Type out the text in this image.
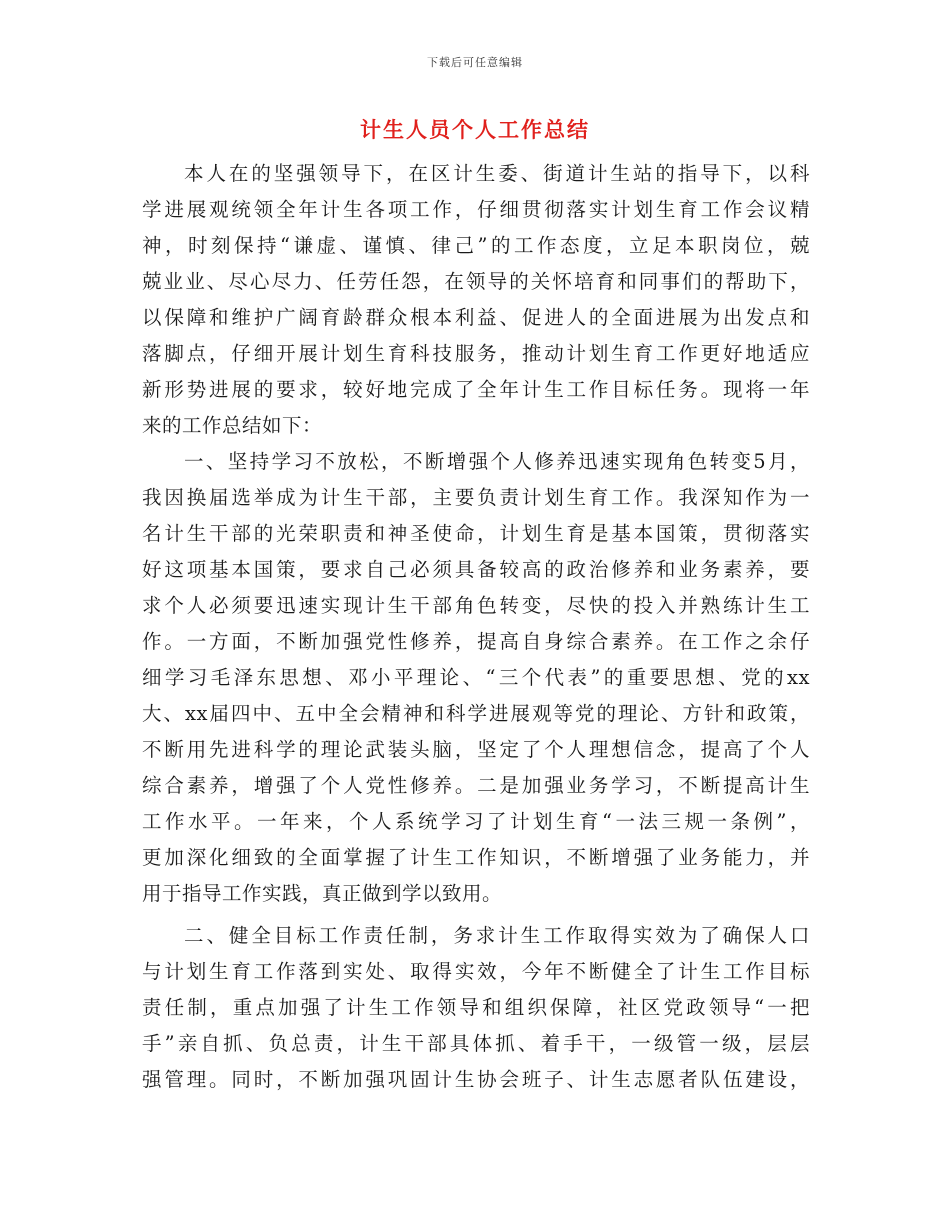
下载后可任意编辑
计生人员个人工作总结
本人在的坚强领导下，在区计生委、街道计生站的指导下，以科
学进展观统领全年计生各项工作，仔细贯彻落实计划生育工作会议精
神，时刻保持“谦虚、谨慎、律己”的工作态度，立足本职岗位，兢
兢业业、尽心尽力、任劳任怨，在领导的关怀培育和同事们的帮助下，
以保障和维护广阔育龄群众根本利益、促进人的全面进展为出发点和
落脚点，仔细开展计划生育科技服务，推动计划生育工作更好地适应
新形势进展的要求，较好地完成了全年计生工作目标任务。现将一年
来的工作总结如下：
一、坚持学习不放松，不断增强个人修养迅速实现角色转变5月，
我因换届选举成为计生干部，主要负责计划生育工作。我深知作为一
名计生干部的光荣职责和神圣使命，计划生育是基本国策，贯彻落实
好这项基本国策，要求自己必须具备较高的政治修养和业务素养，要
求个人必须要迅速实现计生干部角色转变，尽快的投入并熟练计生工
作。一方面，不断加强党性修养，提高自身综合素养。在工作之余仔
细学习毛泽东思想、邓小平理论、“三个代表”的重要思想、党的xx
大、xx届四中、五中全会精神和科学进展观等党的理论、方针和政策，
不断用先进科学的理论武装头脑，坚定了个人理想信念，提高了个人
综合素养，增强了个人党性修养。二是加强业务学习，不断提高计生
工作水平。一年来，个人系统学习了计划生育“一法三规一条例”，
更加深化细致的全面掌握了计生工作知识，不断增强了业务能力，并
用于指导工作实践，真正做到学以致用。
二、健全目标工作责任制，务求计生工作取得实效为了确保人口
与计划生育工作落到实处、取得实效，今年不断健全了计生工作目标
责任制，重点加强了计生工作领导和组织保障，社区党政领导“一把
手”亲自抓、负总责，计生干部具体抓、着手干，一级管一级，层层
强管理。同时，不断加强巩固计生协会班子、计生志愿者队伍建设，
